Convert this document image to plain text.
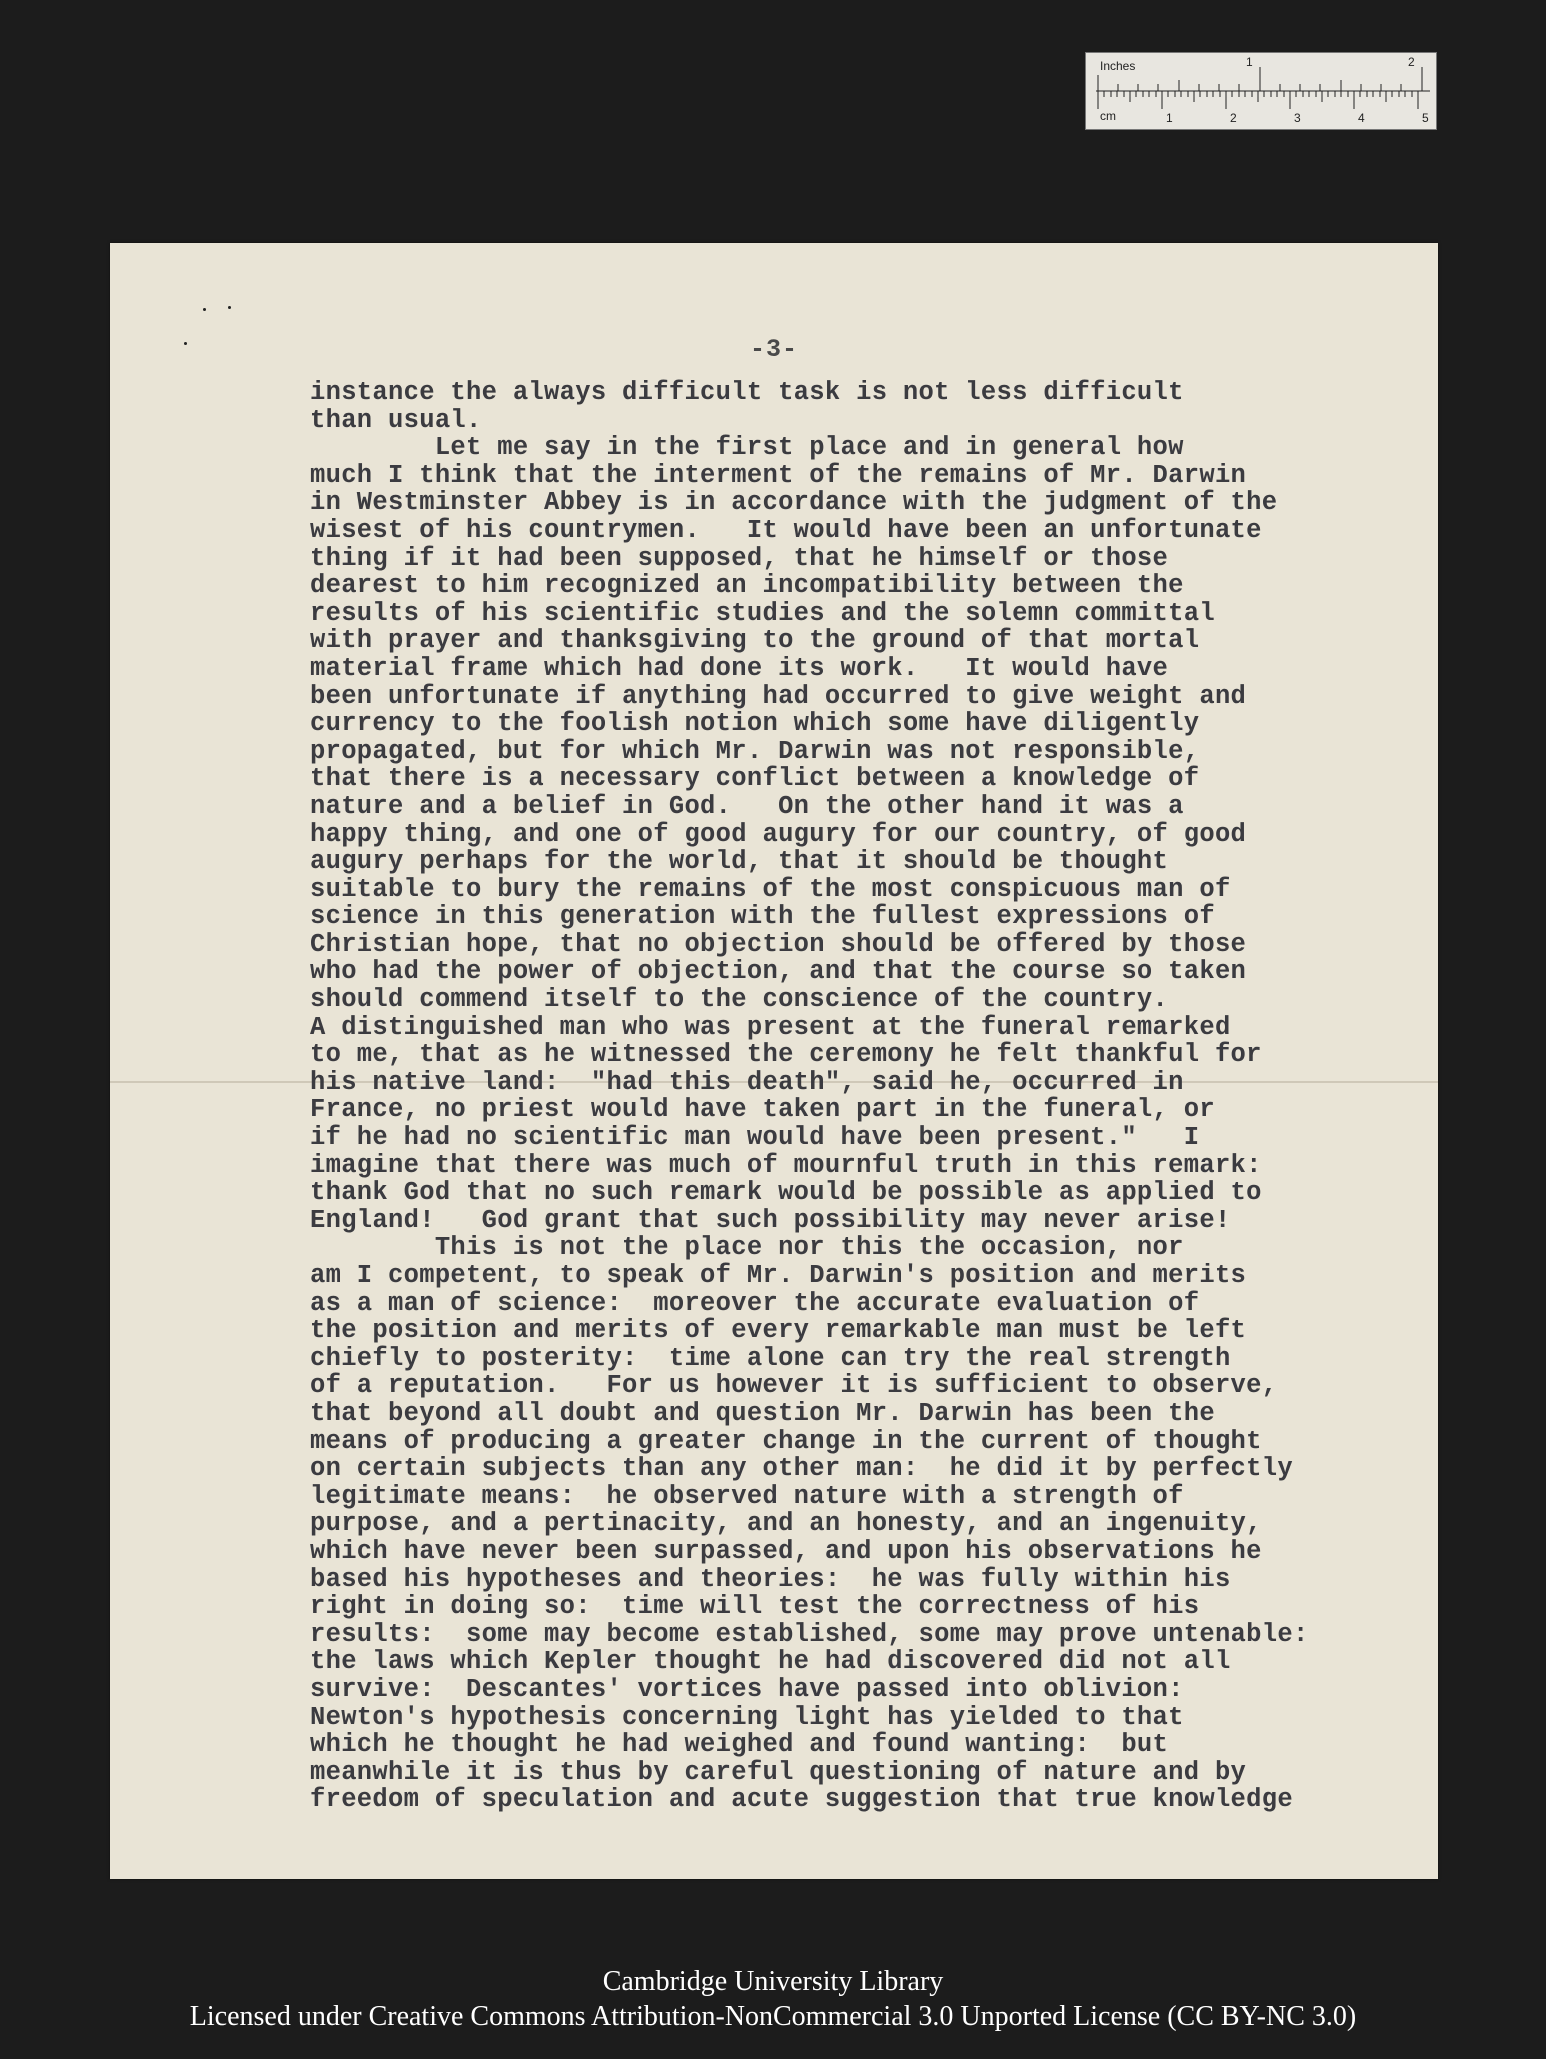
Inches
cm
1	2
1	2	3	4	5
-3-
instance the always difficult task is not less difficult
than usual.
Let me say in the first place and in general how
much I think that the interment of the remains of Mr. Darwin
in Westminster Abbey is in accordance with the judgment of the
wisest of his countrymen.   It would have been an unfortunate
thing if it had been supposed, that he himself or those
dearest to him recognized an incompatibility between the
results of his scientific studies and the solemn committal
with prayer and thanksgiving to the ground of that mortal
material frame which had done its work.   It would have
been unfortunate if anything had occurred to give weight and
currency to the foolish notion which some have diligently
propagated, but for which Mr. Darwin was not responsible,
that there is a necessary conflict between a knowledge of
nature and a belief in God.   On the other hand it was a
happy thing, and one of good augury for our country, of good
augury perhaps for the world, that it should be thought
suitable to bury the remains of the most conspicuous man of
science in this generation with the fullest expressions of
Christian hope, that no objection should be offered by those
who had the power of objection, and that the course so taken
should commend itself to the conscience of the country.
A distinguished man who was present at the funeral remarked
to me, that as he witnessed the ceremony he felt thankful for
his native land:  "had this death", said he, occurred in
France, no priest would have taken part in the funeral, or
if he had no scientific man would have been present."   I
imagine that there was much of mournful truth in this remark:
thank God that no such remark would be possible as applied to
England!   God grant that such possibility may never arise!
This is not the place nor this the occasion, nor
am I competent, to speak of Mr. Darwin's position and merits
as a man of science:  moreover the accurate evaluation of
the position and merits of every remarkable man must be left
chiefly to posterity:  time alone can try the real strength
of a reputation.   For us however it is sufficient to observe,
that beyond all doubt and question Mr. Darwin has been the
means of producing a greater change in the current of thought
on certain subjects than any other man:  he did it by perfectly
legitimate means:  he observed nature with a strength of
purpose, and a pertinacity, and an honesty, and an ingenuity,
which have never been surpassed, and upon his observations he
based his hypotheses and theories:  he was fully within his
right in doing so:  time will test the correctness of his
results:  some may become established, some may prove untenable:
the laws which Kepler thought he had discovered did not all
survive:  Descantes' vortices have passed into oblivion:
Newton's hypothesis concerning light has yielded to that
which he thought he had weighed and found wanting:  but
meanwhile it is thus by careful questioning of nature and by
freedom of speculation and acute suggestion that true knowledge
Cambridge University Library
Licensed under Creative Commons Attribution-NonCommercial 3.0 Unported License (CC BY-NC 3.0)
